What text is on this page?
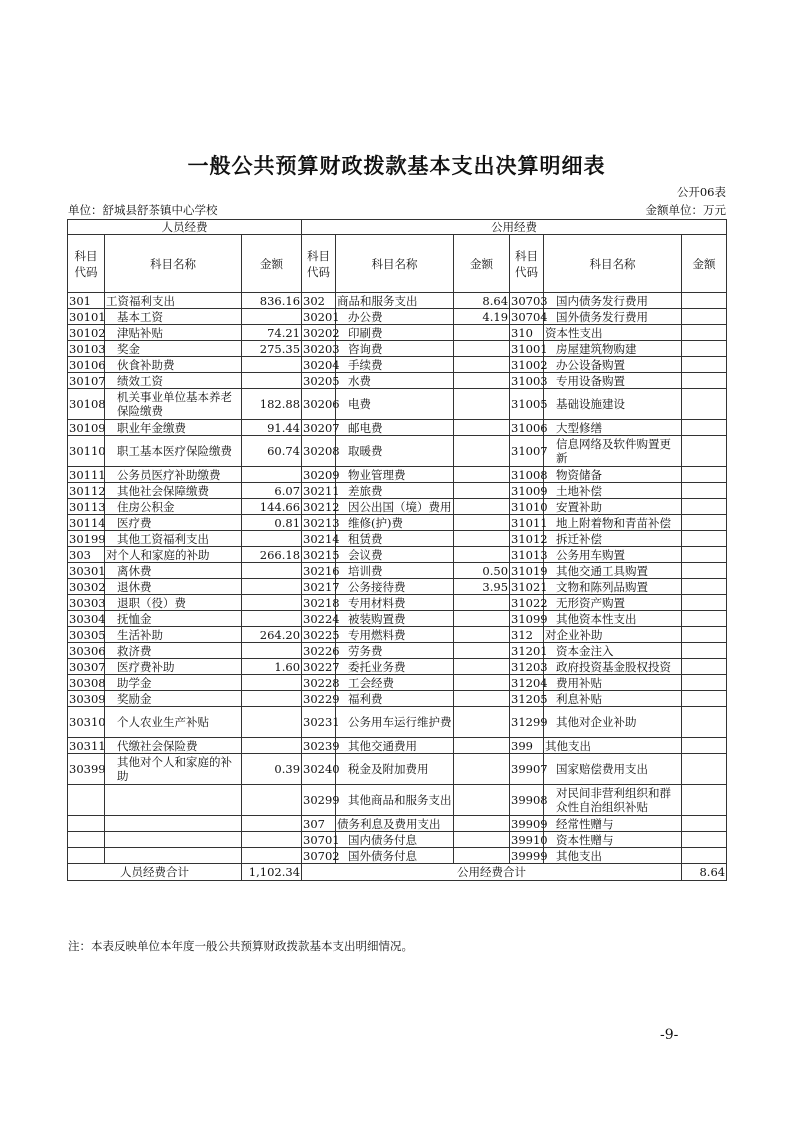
一般公共预算财政拨款基本支出决算明细表
公开06表
单位：舒城县舒茶镇中心学校	金额单位：万元
人员经费			公用经费					
科目代码	科目名称	金额	科目代码	科目名称	金额	科目代码	科目名称	金额
301	工资福利支出	836.16	302	商品和服务支出	8.64	30703	国内债务发行费用	
30101	基本工资		30201	办公费	4.19	30704	国外债务发行费用	
30102	津贴补贴	74.21	30202	印刷费		310	资本性支出	
30103	奖金	275.35	30203	咨询费		31001	房屋建筑物购建	
30106	伙食补助费		30204	手续费		31002	办公设备购置	
30107	绩效工资		30205	水费		31003	专用设备购置	
30108	机关事业单位基本养老保险缴费	182.88	30206	电费		31005	基础设施建设	
30109	职业年金缴费	91.44	30207	邮电费		31006	大型修缮	
30110	职工基本医疗保险缴费	60.74	30208	取暖费		31007	信息网络及软件购置更新	
30111	公务员医疗补助缴费		30209	物业管理费		31008	物资储备	
30112	其他社会保障缴费	6.07	30211	差旅费		31009	土地补偿	
30113	住房公积金	144.66	30212	因公出国（境）费用		31010	安置补助	
30114	医疗费	0.81	30213	维修(护)费		31011	地上附着物和青苗补偿	
30199	其他工资福利支出		30214	租赁费		31012	拆迁补偿	
303	对个人和家庭的补助	266.18	30215	会议费		31013	公务用车购置	
30301	离休费		30216	培训费	0.50	31019	其他交通工具购置	
30302	退休费		30217	公务接待费	3.95	31021	文物和陈列品购置	
30303	退职（役）费		30218	专用材料费		31022	无形资产购置	
30304	抚恤金		30224	被装购置费		31099	其他资本性支出	
30305	生活补助	264.20	30225	专用燃料费		312	对企业补助	
30306	救济费		30226	劳务费		31201	资本金注入	
30307	医疗费补助	1.60	30227	委托业务费		31203	政府投资基金股权投资	
30308	助学金		30228	工会经费		31204	费用补贴	
30309	奖励金		30229	福利费		31205	利息补贴	
30310	个人农业生产补贴		30231	公务用车运行维护费		31299	其他对企业补助	
30311	代缴社会保险费		30239	其他交通费用		399	其他支出	
30399	其他对个人和家庭的补助	0.39	30240	税金及附加费用		39907	国家赔偿费用支出	
			30299	其他商品和服务支出		39908	对民间非营利组织和群众性自治组织补贴	
			307	债务利息及费用支出		39909	经常性赠与	
			30701	国内债务付息		39910	资本性赠与	
			30702	国外债务付息		39999	其他支出	
人员经费合计		1,102.34	公用经费合计					8.64
注：本表反映单位本年度一般公共预算财政拨款基本支出明细情况。
-9-
